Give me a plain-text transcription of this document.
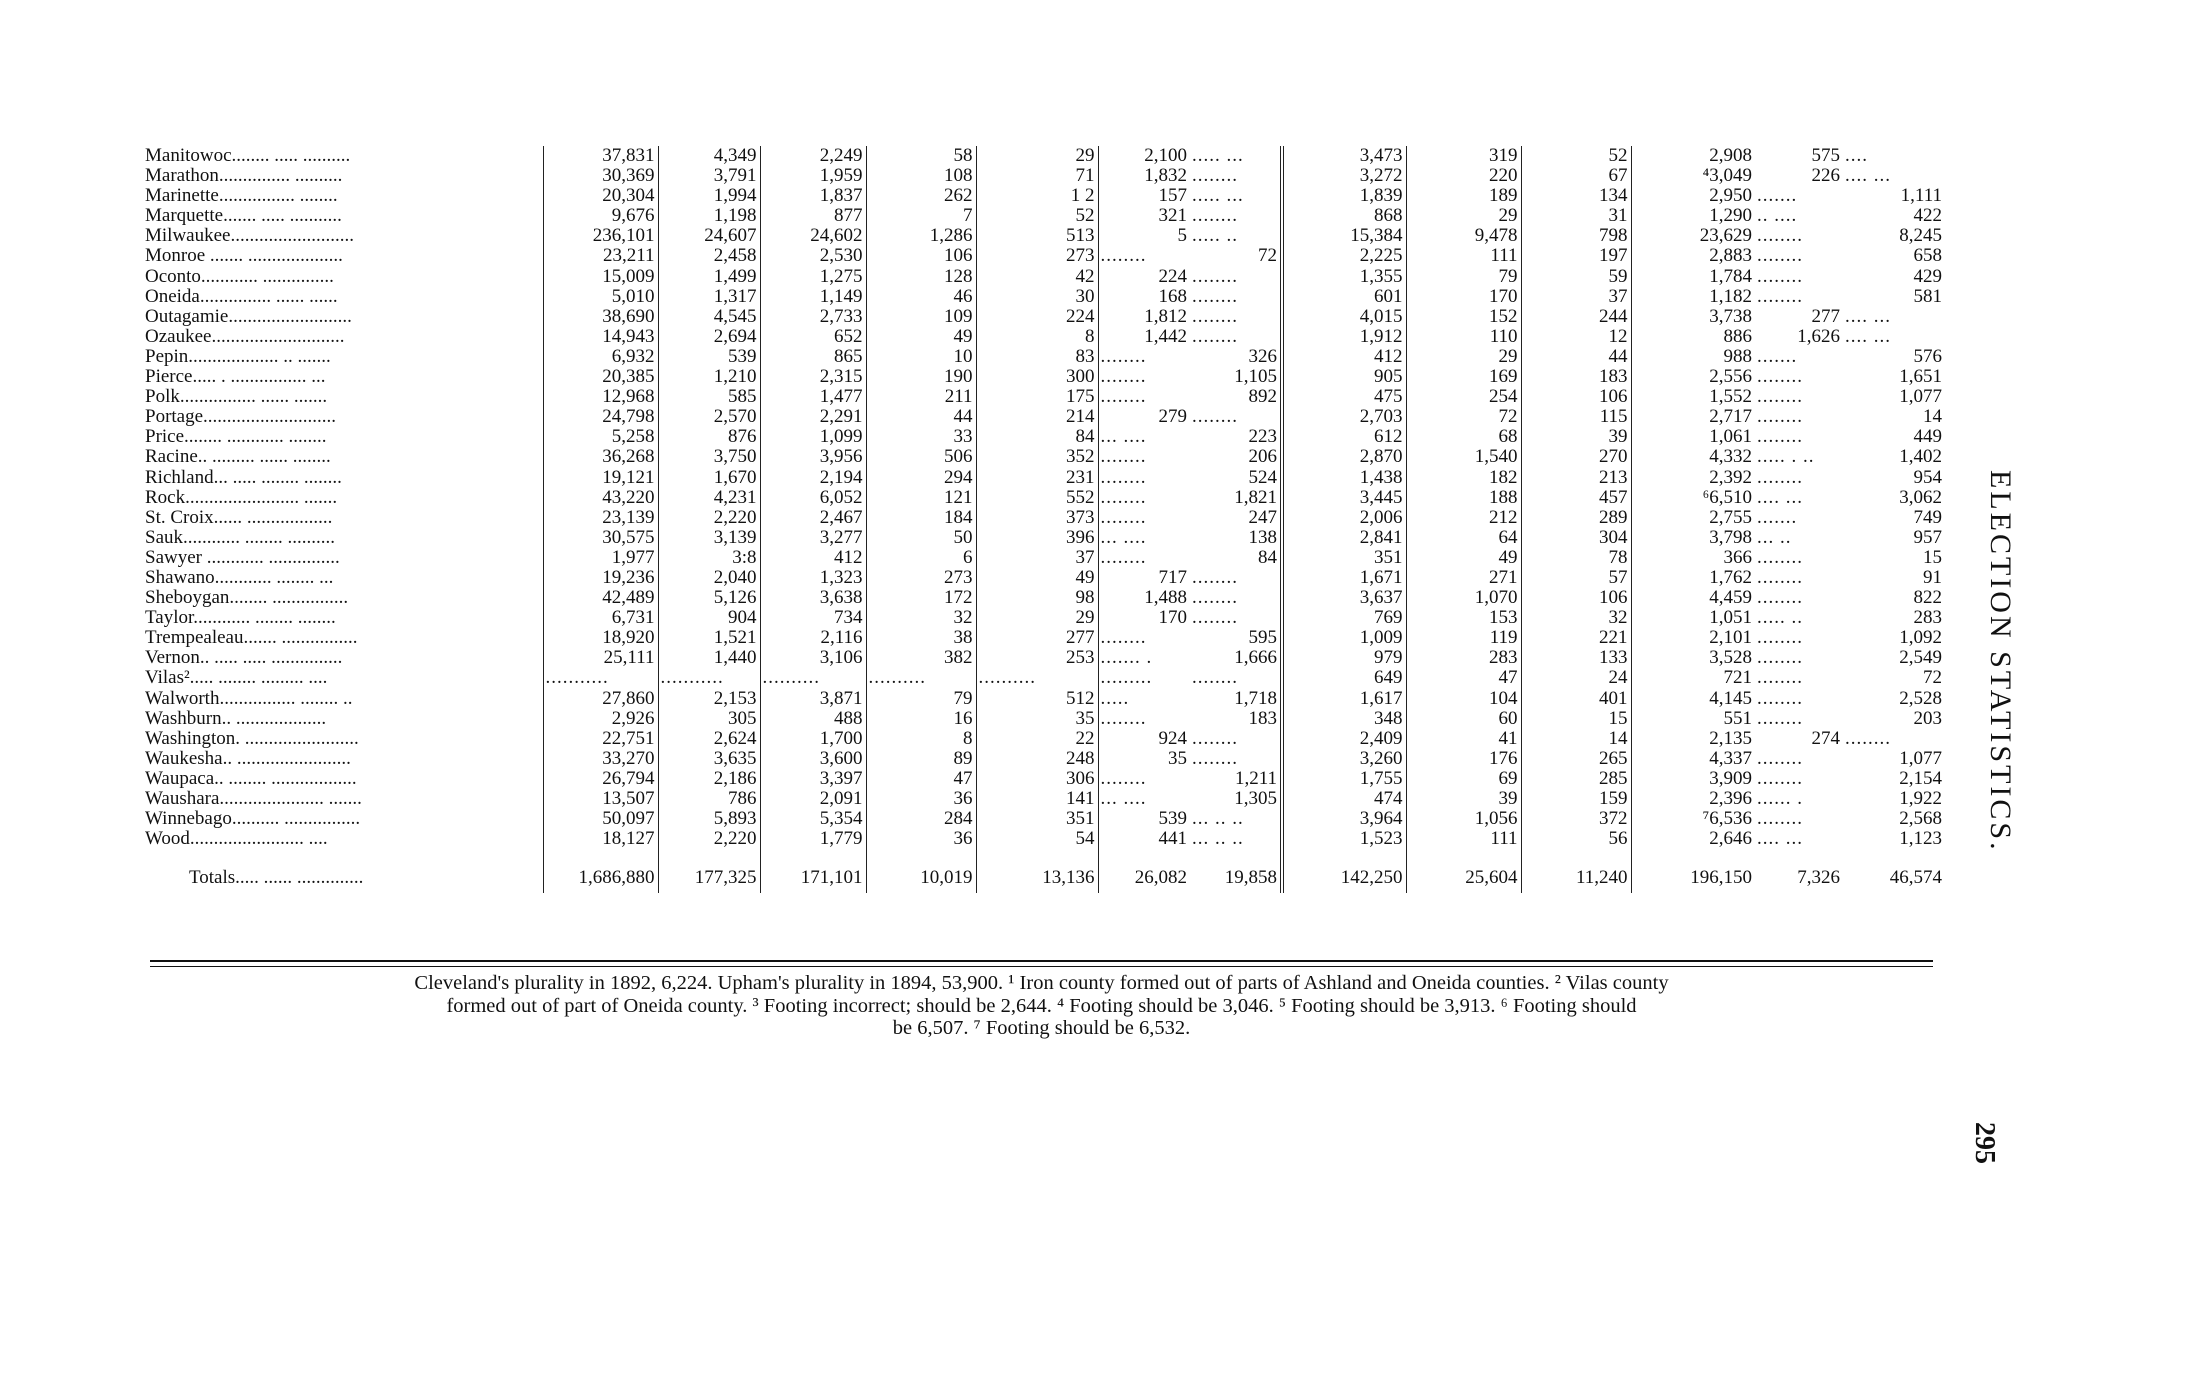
Manitowoc........ ..... ..........	37,831	4,349	2,249	58	29	2,100	..... ...	3,473	319	52	2,908	575	....
Marathon............... ..........	30,369	3,791	1,959	108	71	1,832	........	3,272	220	67	⁴3,049	226	.... ...
Marinette................ ........	20,304	1,994	1,837	262	1 2	157	..... ...	1,839	189	134	2,950	.......	1,111
Marquette....... ..... ...........	9,676	1,198	877	7	52	321	........	868	29	31	1,290	.. ....	422
Milwaukee..........................	236,101	24,607	24,602	1,286	513	5	..... ..	15,384	9,478	798	23,629	........	8,245
Monroe ....... ....................	23,211	2,458	2,530	106	273	........	72	2,225	111	197	2,883	........	658
Oconto............ ...............	15,009	1,499	1,275	128	42	224	........	1,355	79	59	1,784	........	429
Oneida............... ...... ......	5,010	1,317	1,149	46	30	168	........	601	170	37	1,182	........	581
Outagamie..........................	38,690	4,545	2,733	109	224	1,812	........	4,015	152	244	3,738	277	.... ...
Ozaukee............................	14,943	2,694	652	49	8	1,442	........	1,912	110	12	886	1,626	.... ...
Pepin................... .. .......	6,932	539	865	10	83	........	326	412	29	44	988	.......	576
Pierce..... . ................ ...	20,385	1,210	2,315	190	300	........	1,105	905	169	183	2,556	........	1,651
Polk................ ...... .......	12,968	585	1,477	211	175	........	892	475	254	106	1,552	........	1,077
Portage............................	24,798	2,570	2,291	44	214	279	........	2,703	72	115	2,717	........	14
Price........ ............ ........	5,258	876	1,099	33	84	... ....	223	612	68	39	1,061	........	449
Racine.. ......... ...... ........	36,268	3,750	3,956	506	352	........	206	2,870	1,540	270	4,332	..... . ..	1,402
Richland... ..... ........ ........	19,121	1,670	2,194	294	231	........	524	1,438	182	213	2,392	........	954
Rock........................ .......	43,220	4,231	6,052	121	552	........	1,821	3,445	188	457	⁶6,510	.... ...	3,062
St. Croix...... ..................	23,139	2,220	2,467	184	373	........	247	2,006	212	289	2,755	.......	749
Sauk............ ........ ..........	30,575	3,139	3,277	50	396	... ....	138	2,841	64	304	3,798	... ..	957
Sawyer ............ ...............	1,977	3:8	412	6	37	........	84	351	49	78	366	........	15
Shawano............ ........ ...	19,236	2,040	1,323	273	49	717	........	1,671	271	57	1,762	........	91
Sheboygan........ ................	42,489	5,126	3,638	172	98	1,488	........	3,637	1,070	106	4,459	........	822
Taylor............ ........ ........	6,731	904	734	32	29	170	........	769	153	32	1,051	..... ..	283
Trempealeau....... ................	18,920	1,521	2,116	38	277	........	595	1,009	119	221	2,101	........	1,092
Vernon.. ..... ..... ...............	25,111	1,440	3,106	382	253	....... .	1,666	979	283	133	3,528	........	2,549
Vilas²..... ........ ......... ....	...........	...........	..........	..........	..........	.........	........	649	47	24	721	........	72
Walworth................ ........ ..	27,860	2,153	3,871	79	512	.....	1,718	1,617	104	401	4,145	........	2,528
Washburn.. ...................	2,926	305	488	16	35	........	183	348	60	15	551	........	203
Washington. ........................	22,751	2,624	1,700	8	22	924	........	2,409	41	14	2,135	274	........
Waukesha.. ........................	33,270	3,635	3,600	89	248	35	........	3,260	176	265	4,337	........	1,077
Waupaca.. ........ ..................	26,794	2,186	3,397	47	306	........	1,211	1,755	69	285	3,909	........	2,154
Waushara...................... .......	13,507	786	2,091	36	141	... ....	1,305	474	39	159	2,396	...... .	1,922
Winnebago.......... ................	50,097	5,893	5,354	284	351	539	... .. ..	3,964	1,056	372	⁷6,536	........	2,568
Wood........................ ....	18,127	2,220	1,779	36	54	441	... .. ..	1,523	111	56	2,646	.... ...	1,123

Totals..... ...... ..............	1,686,880	177,325	171,101	10,019	13,136	26,082	19,858	142,250	25,604	11,240	196,150	7,326	46,574
Cleveland's plurality in 1892, 6,224. Upham's plurality in 1894, 53,900. ¹ Iron county formed out of parts of Ashland and Oneida counties. ² Vilas county
formed out of part of Oneida county. ³ Footing incorrect; should be 2,644. ⁴ Footing should be 3,046. ⁵ Footing should be 3,913. ⁶ Footing should
be 6,507. ⁷ Footing should be 6,532.
ELECTION STATISTICS.
295
